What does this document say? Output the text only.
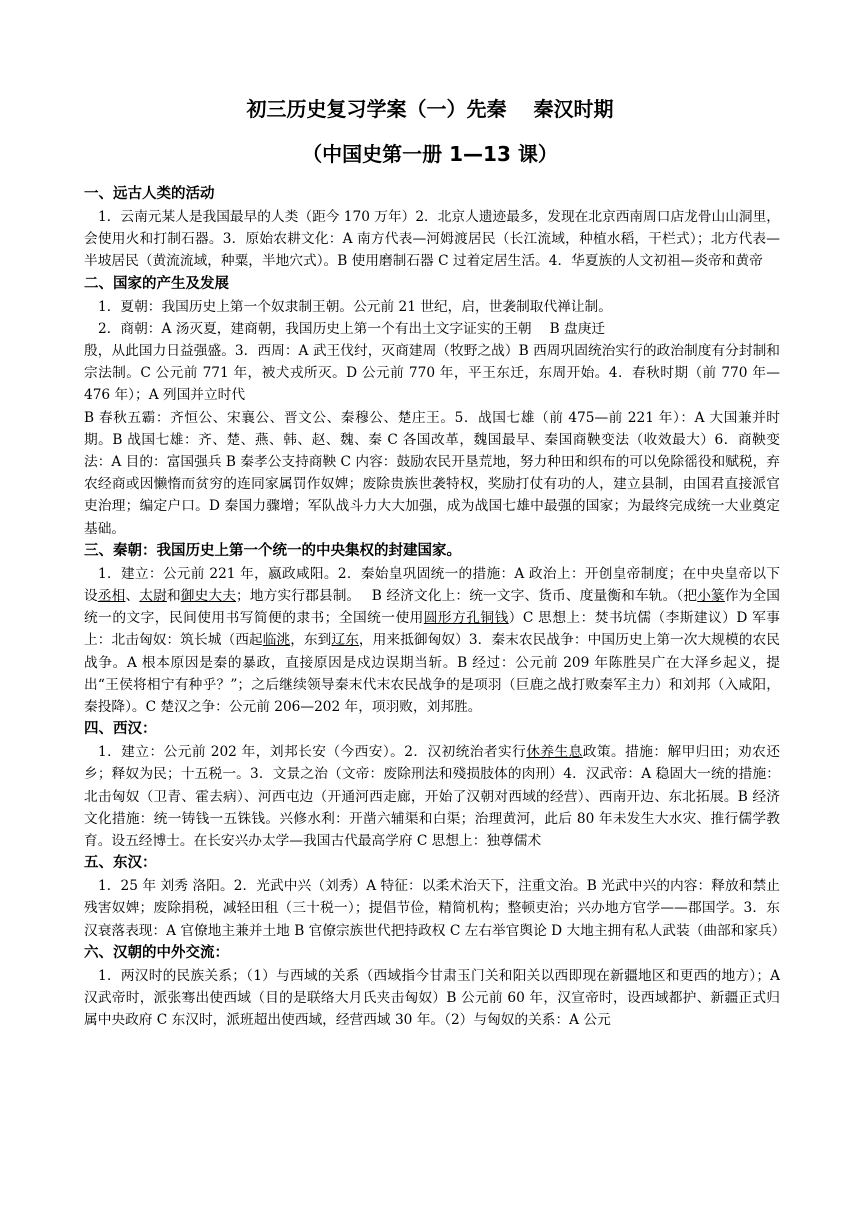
初三历史复习学案（一）先秦　 秦汉时期
（中国史第一册 1—13 课）
一、远古人类的活动

1．云南元某人是我国最早的人类（距今 170 万年）2．北京人遗迹最多，发现在北京西南周口店龙骨山山洞里，会使用火和打制石器。3．原始农耕文化：A 南方代表—河姆渡居民（长江流域，种植水稻，干栏式）；北方代表—半坡居民（黄流流域，种粟，半地穴式）。B 使用磨制石器 C 过着定居生活。4．华夏族的人文初祖—炎帝和黄帝

二、国家的产生及发展

1．夏朝：我国历史上第一个奴隶制王朝。公元前 21 世纪，启，世袭制取代禅让制。

2．商朝：A 汤灭夏，建商朝，我国历史上第一个有出土文字证实的王朝　 B 盘庚迁

殷，从此国力日益强盛。3．西周：A 武王伐纣，灭商建周（牧野之战）B 西周巩固统治实行的政治制度有分封制和宗法制。C 公元前 771 年，被犬戎所灭。D 公元前 770 年，平王东迁，东周开始。4．春秋时期（前 770 年—476 年）；A 列国并立时代

B 春秋五霸：齐恒公、宋襄公、晋文公、秦穆公、楚庄王。5．战国七雄（前 475—前 221 年）：A 大国兼并时期。B 战国七雄：齐、楚、燕、韩、赵、魏、秦 C 各国改革，魏国最早、秦国商鞅变法（收效最大）6．商鞅变法：A 目的：富国强兵 B 秦孝公支持商鞅 C 内容：鼓励农民开垦荒地，努力种田和织布的可以免除徭役和赋税，弃农经商或因懒惰而贫穷的连同家属罚作奴婢；废除贵族世袭特权，奖励打仗有功的人，建立县制，由国君直接派官吏治理；编定户口。D 秦国力骤增；军队战斗力大大加强，成为战国七雄中最强的国家；为最终完成统一大业奠定基础。

三、秦朝：我国历史上第一个统一的中央集权的封建国家。

1．建立：公元前 221 年，嬴政咸阳。2．秦始皇巩固统一的措施：A 政治上：开创皇帝制度；在中央皇帝以下设丞相、太尉和御史大夫；地方实行郡县制。　 B 经济文化上：统一文字、货币、度量衡和车轨。（把小篆作为全国统一的文字，民间使用书写简便的隶书；全国统一使用圆形方孔铜钱）C 思想上：焚书坑儒（李斯建议）D 军事上：北击匈奴：筑长城（西起临洮，东到辽东，用来抵御匈奴）3．秦末农民战争：中国历史上第一次大规模的农民战争。A 根本原因是秦的暴政，直接原因是戍边误期当斩。B 经过：公元前 209 年陈胜吴广在大泽乡起义，提出“王侯将相宁有种乎？”；之后继续领导秦末代末农民战争的是项羽（巨鹿之战打败秦军主力）和刘邦（入咸阳，秦投降）。C 楚汉之争：公元前 206—202 年，项羽败，刘邦胜。

四、西汉：

1．建立：公元前 202 年，刘邦长安（今西安）。2．汉初统治者实行休养生息政策。措施：解甲归田；劝农还乡；释奴为民；十五税一。3．文景之治（文帝：废除刑法和殘损肢体的肉刑）4．汉武帝：A 稳固大一统的措施：北击匈奴（卫青、霍去病）、河西屯边（开通河西走廊，开始了汉朝对西域的经营）、西南开边、东北拓展。B 经济文化措施：统一铸钱一五铢钱。兴修水利：开凿六辅渠和白渠；治理黄河，此后 80 年未发生大水灾、推行儒学教育。设五经博士。在长安兴办太学—我国古代最高学府 C 思想上：独尊儒术

五、东汉：

1．25 年 刘秀 洛阳。2．光武中兴（刘秀）A 特征：以柔术治天下，注重文治。B 光武中兴的内容：释放和禁止残害奴婢；废除捐税，减轻田租（三十税一）；提倡节俭，精简机构；整顿吏治；兴办地方官学——郡国学。3．东汉衰落表现：A 官僚地主兼并土地 B 官僚宗族世代把持政权 C 左右举官舆论 D 大地主拥有私人武装（曲部和家兵）

六、汉朝的中外交流：

1．两汉时的民族关系；（1）与西域的关系（西域指今甘肃玉门关和阳关以西即现在新疆地区和更西的地方）；A 汉武帝时，派张骞出使西域（目的是联络大月氏夹击匈奴）B 公元前 60 年，汉宣帝时，设西域都护、新疆正式归属中央政府 C 东汉时，派班超出使西域，经营西域 30 年。（2）与匈奴的关系：A 公元
